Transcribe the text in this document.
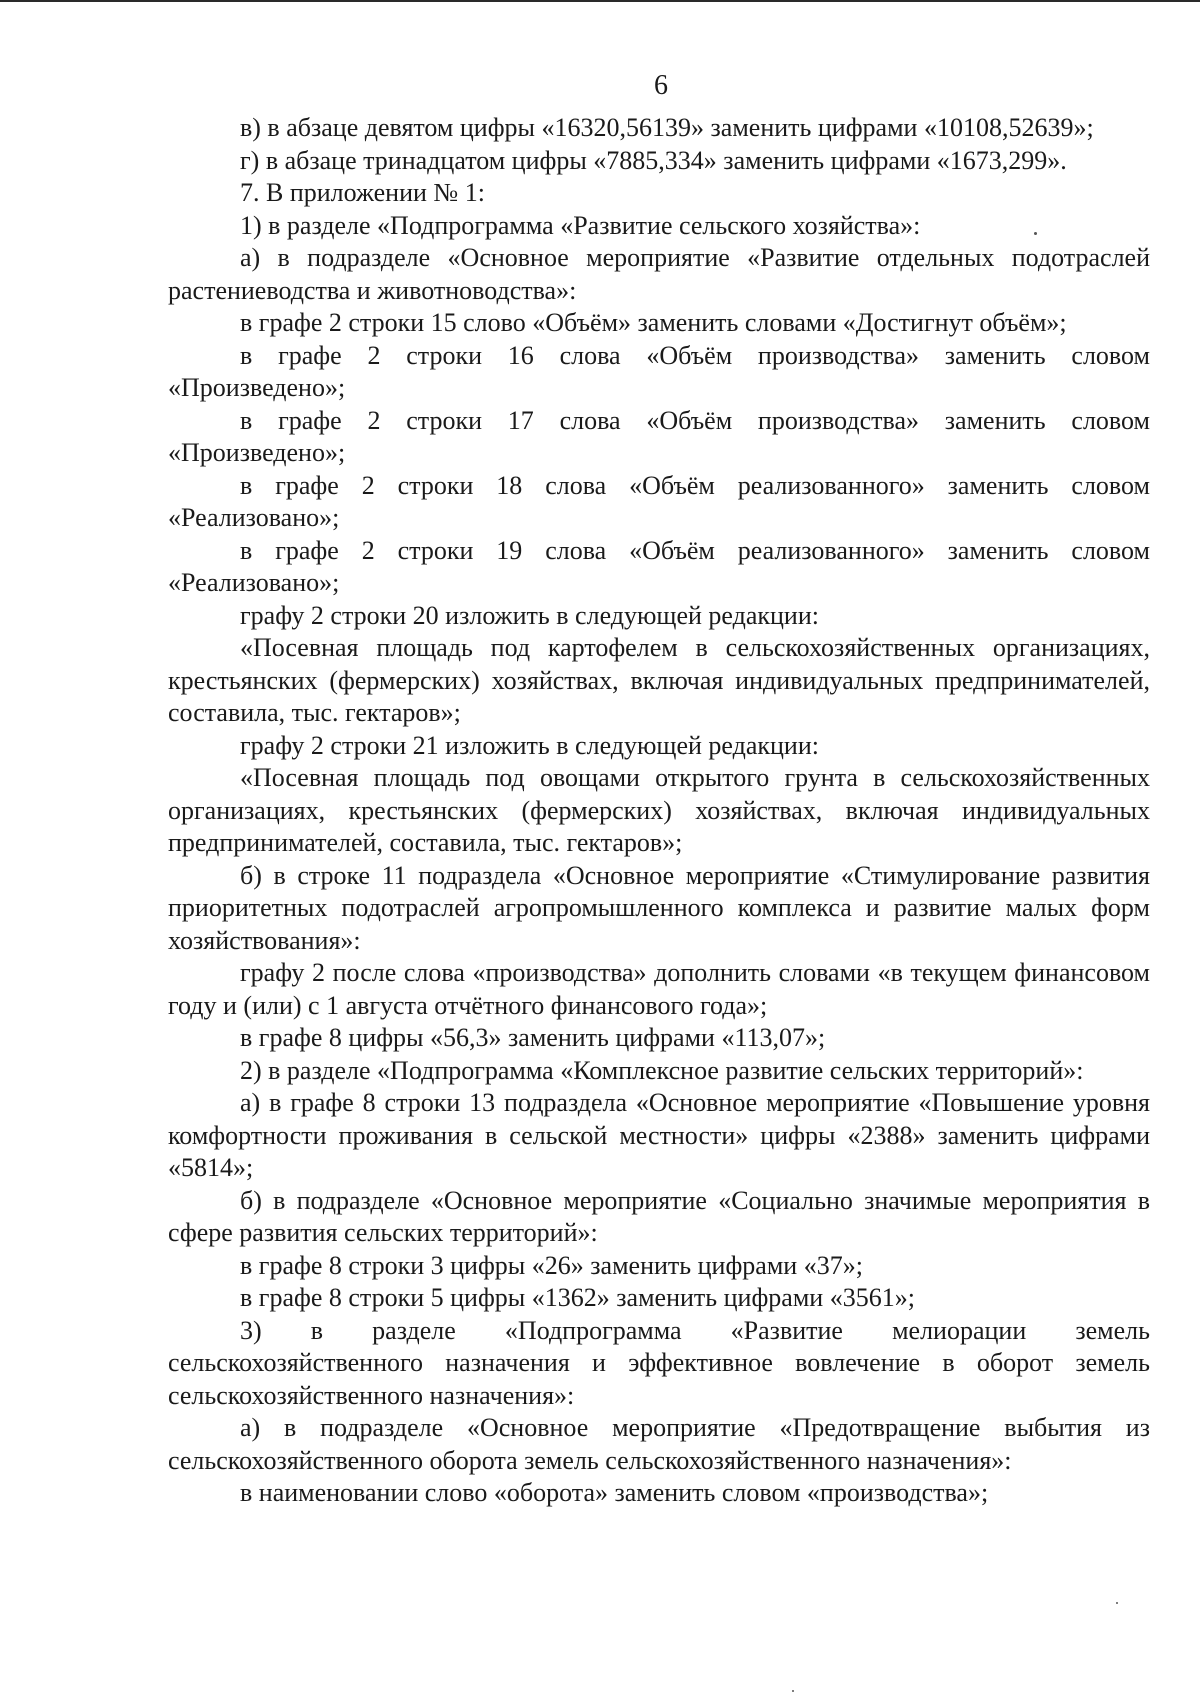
6

в) в абзаце девятом цифры «16320,56139» заменить цифрами «10108,52639»;

г) в абзаце тринадцатом цифры «7885,334» заменить цифрами «1673,299».

7. В приложении № 1:

1) в разделе «Подпрограмма «Развитие сельского хозяйства»:

а) в подразделе «Основное мероприятие «Развитие отдельных подотраслей растениеводства и животноводства»:

в графе 2 строки 15 слово «Объём» заменить словами «Достигнут объём»;

в графе 2 строки 16 слова «Объём производства» заменить словом «Произведено»;

в графе 2 строки 17 слова «Объём производства» заменить словом «Произведено»;

в графе 2 строки 18 слова «Объём реализованного» заменить словом «Реализовано»;

в графе 2 строки 19 слова «Объём реализованного» заменить словом «Реализовано»;

графу 2 строки 20 изложить в следующей редакции:

«Посевная площадь под картофелем в сельскохозяйственных организациях, крестьянских (фермерских) хозяйствах, включая индивидуальных предпринимателей, составила, тыс. гектаров»;

графу 2 строки 21 изложить в следующей редакции:

«Посевная площадь под овощами открытого грунта в сельскохозяйственных организациях, крестьянских (фермерских) хозяйствах, включая индивидуальных предпринимателей, составила, тыс. гектаров»;

б) в строке 11 подраздела «Основное мероприятие «Стимулирование развития приоритетных подотраслей агропромышленного комплекса и развитие малых форм хозяйствования»:

графу 2 после слова «производства» дополнить словами «в текущем финансовом году и (или) с 1 августа отчётного финансового года»;

в графе 8 цифры «56,3» заменить цифрами «113,07»;

2) в разделе «Подпрограмма «Комплексное развитие сельских территорий»:

а) в графе 8 строки 13 подраздела «Основное мероприятие «Повышение уровня комфортности проживания в сельской местности» цифры «2388» заменить цифрами «5814»;

б) в подразделе «Основное мероприятие «Социально значимые мероприятия в сфере развития сельских территорий»:

в графе 8 строки 3 цифры «26» заменить цифрами «37»;

в графе 8 строки 5 цифры «1362» заменить цифрами «3561»;

3) в разделе «Подпрограмма «Развитие мелиорации земель сельскохозяйственного назначения и эффективное вовлечение в оборот земель сельскохозяйственного назначения»:

а) в подразделе «Основное мероприятие «Предотвращение выбытия из сельскохозяйственного оборота земель сельскохозяйственного назначения»:

в наименовании слово «оборота» заменить словом «производства»;
